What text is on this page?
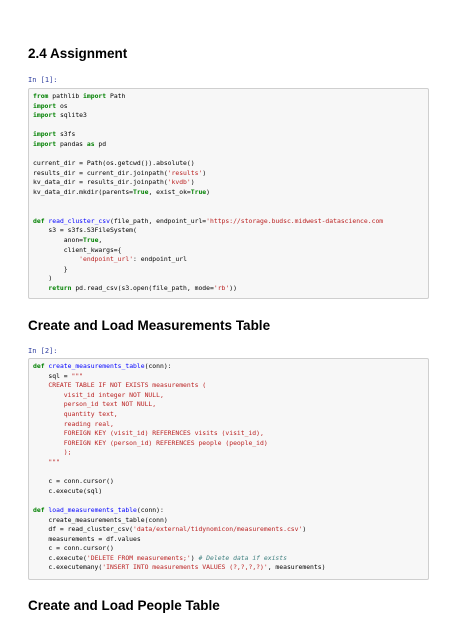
2.4 Assignment
In [1]:
from pathlib import Path
import os
import sqlite3

import s3fs
import pandas as pd

current_dir = Path(os.getcwd()).absolute()
results_dir = current_dir.joinpath('results')
kv_data_dir = results_dir.joinpath('kvdb')
kv_data_dir.mkdir(parents=True, exist_ok=True)

def read_cluster_csv(file_path, endpoint_url='https://storage.budsc.midwest-datascience.com
s3 = s3fs.S3FileSystem(
anon=True,
client_kwargs={
'endpoint_url': endpoint_url
}
)
return pd.read_csv(s3.open(file_path, mode='rb'))
Create and Load Measurements Table
In [2]:
def create_measurements_table(conn):
sql = """
CREATE TABLE IF NOT EXISTS measurements (
visit_id integer NOT NULL,
person_id text NOT NULL,
quantity text,
reading real,
FOREIGN KEY (visit_id) REFERENCES visits (visit_id),
FOREIGN KEY (person_id) REFERENCES people (people_id)
);
"""

c = conn.cursor()
c.execute(sql)

def load_measurements_table(conn):
create_measurements_table(conn)
df = read_cluster_csv('data/external/tidynomicon/measurements.csv')
measurements = df.values
c = conn.cursor()
c.execute('DELETE FROM measurements;') # Delete data if exists
c.executemany('INSERT INTO measurements VALUES (?,?,?,?)', measurements)
Create and Load People Table
